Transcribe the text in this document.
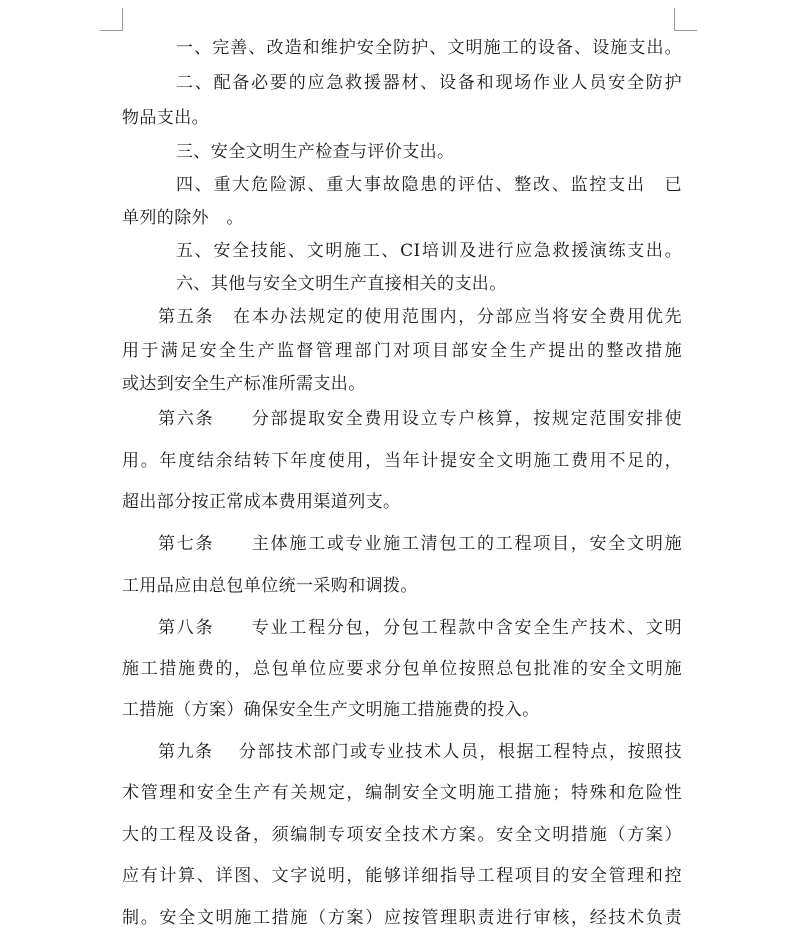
一、完善、改造和维护安全防护、文明施工的设备、设施支出。
二、配备必要的应急救援器材、设备和现场作业人员安全防护
物品支出。
三、安全文明生产检查与评价支出。
四、重大危险源、重大事故隐患的评估、整改、监控支出　已
单列的除外　。
五、安全技能、文明施工、CI培训及进行应急救援演练支出。
六、其他与安全文明生产直接相关的支出。
第五条　在本办法规定的使用范围内，分部应当将安全费用优先
用于满足安全生产监督管理部门对项目部安全生产提出的整改措施
或达到安全生产标准所需支出。
第六条　　分部提取安全费用设立专户核算，按规定范围安排使
用。年度结余结转下年度使用，当年计提安全文明施工费用不足的，
超出部分按正常成本费用渠道列支。
第七条　　主体施工或专业施工清包工的工程项目，安全文明施
工用品应由总包单位统一采购和调拨。
第八条　　专业工程分包，分包工程款中含安全生产技术、文明
施工措施费的，总包单位应要求分包单位按照总包批准的安全文明施
工措施（方案）确保安全生产文明施工措施费的投入。
第九条　 分部技术部门或专业技术人员，根据工程特点，按照技
术管理和安全生产有关规定，编制安全文明施工措施；特殊和危险性
大的工程及设备，须编制专项安全技术方案。安全文明措施（方案）
应有计算、详图、文字说明，能够详细指导工程项目的安全管理和控
制。安全文明施工措施（方案）应按管理职责进行审核，经技术负责
